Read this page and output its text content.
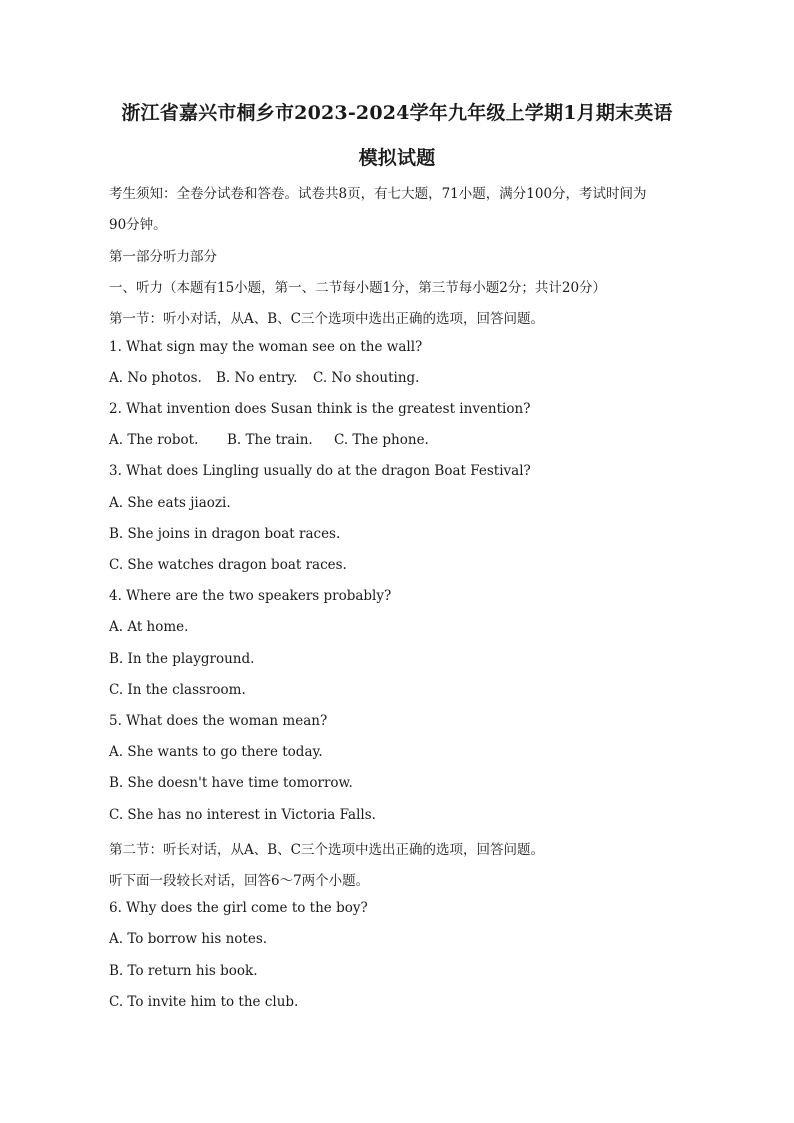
浙江省嘉兴市桐乡市2023-2024学年九年级上学期1月期末英语
模拟试题
考生须知：全卷分试卷和答卷。试卷共8页，有七大题，71小题，满分100分，考试时间为
90分钟。
第一部分听力部分
一、听力（本题有15小题，第一、二节每小题1分，第三节每小题2分；共计20分）
第一节：听小对话，从A、B、C三个选项中选出正确的选项，回答问题。
1. What sign may the woman see on the wall?
A. No photos. B. No entry. C. No shouting.
2. What invention does Susan think is the greatest invention?
A. The robot. B. The train. C. The phone.
3. What does Lingling usually do at the dragon Boat Festival?
A. She eats jiaozi.
B. She joins in dragon boat races.
C. She watches dragon boat races.
4. Where are the two speakers probably?
A. At home.
B. In the playground.
C. In the classroom.
5. What does the woman mean?
A. She wants to go there today.
B. She doesn't have time tomorrow.
C. She has no interest in Victoria Falls.
第二节：听长对话，从A、B、C三个选项中选出正确的选项，回答问题。
听下面一段较长对话，回答6～7两个小题。
6. Why does the girl come to the boy?
A. To borrow his notes.
B. To return his book.
C. To invite him to the club.
